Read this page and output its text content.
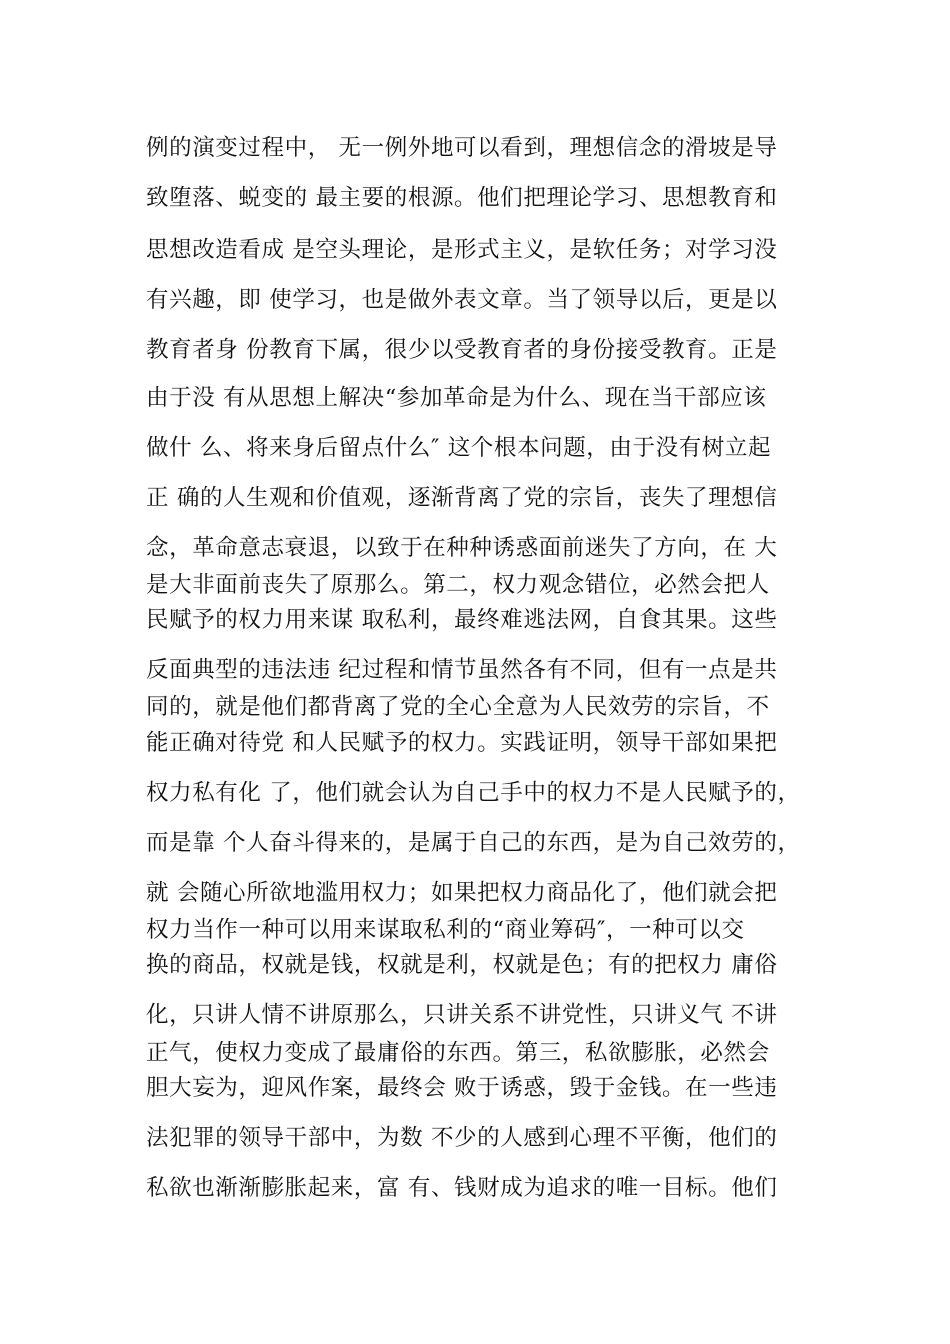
例的演变过程中， 无一例外地可以看到，理想信念的滑坡是导
致堕落、蜕变的 最主要的根源。他们把理论学习、思想教育和
思想改造看成 是空头理论，是形式主义，是软任务；对学习没
有兴趣，即 使学习，也是做外表文章。当了领导以后，更是以
教育者身 份教育下属，很少以受教育者的身份接受教育。正是
由于没 有从思想上解决“参加革命是为什么、现在当干部应该
做什 么、将来身后留点什么″ 这个根本问题，由于没有树立起
正 确的人生观和价值观，逐渐背离了党的宗旨，丧失了理想信
念，革命意志衰退，以致于在种种诱惑面前迷失了方向，在 大
是大非面前丧失了原那么。第二，权力观念错位，必然会把人
民赋予的权力用来谋 取私利，最终难逃法网，自食其果。这些
反面典型的违法违 纪过程和情节虽然各有不同，但有一点是共
同的，就是他们都背离了党的全心全意为人民效劳的宗旨，不
能正确对待党 和人民赋予的权力。实践证明，领导干部如果把
权力私有化 了，他们就会认为自己手中的权力不是人民赋予的，
而是靠 个人奋斗得来的，是属于自己的东西，是为自己效劳的，
就 会随心所欲地滥用权力；如果把权力商品化了，他们就会把
权力当作一种可以用来谋取私利的“商业筹码″，一种可以交
换的商品，权就是钱，权就是利，权就是色；有的把权力 庸俗
化，只讲人情不讲原那么，只讲关系不讲党性，只讲义气 不讲
正气，使权力变成了最庸俗的东西。第三，私欲膨胀，必然会
胆大妄为，迎风作案，最终会 败于诱惑，毁于金钱。在一些违
法犯罪的领导干部中，为数 不少的人感到心理不平衡，他们的
私欲也渐渐膨胀起来，富 有、钱财成为追求的唯一目标。他们
